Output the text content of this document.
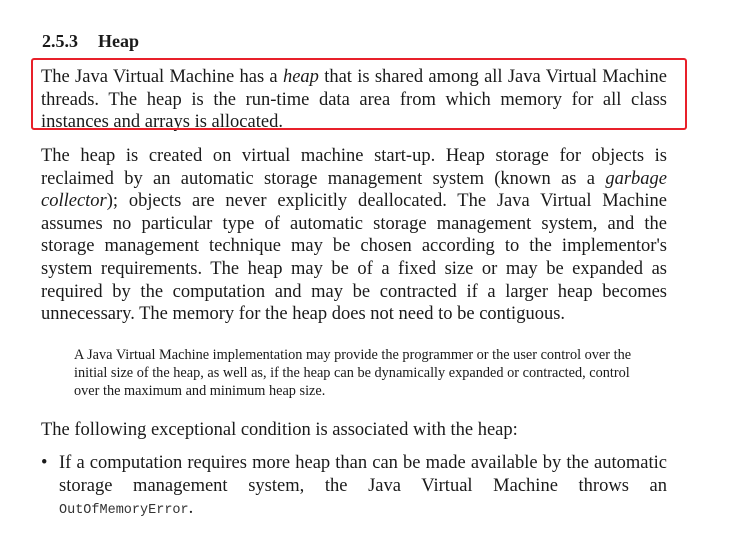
2.5.3 Heap

The Java Virtual Machine has a heap that is shared among all Java Virtual Machine threads. The heap is the run-time data area from which memory for all class instances and arrays is allocated.

The heap is created on virtual machine start-up. Heap storage for objects is reclaimed by an automatic storage management system (known as a garbage collector); objects are never explicitly deallocated. The Java Virtual Machine assumes no particular type of automatic storage management system, and the storage management technique may be chosen according to the implementor's system requirements. The heap may be of a fixed size or may be expanded as required by the computation and may be contracted if a larger heap becomes unnecessary. The memory for the heap does not need to be contiguous.

A Java Virtual Machine implementation may provide the programmer or the user control over the initial size of the heap, as well as, if the heap can be dynamically expanded or contracted, control over the maximum and minimum heap size.

The following exceptional condition is associated with the heap:

• If a computation requires more heap than can be made available by the automatic storage management system, the Java Virtual Machine throws an OutOfMemoryError.
